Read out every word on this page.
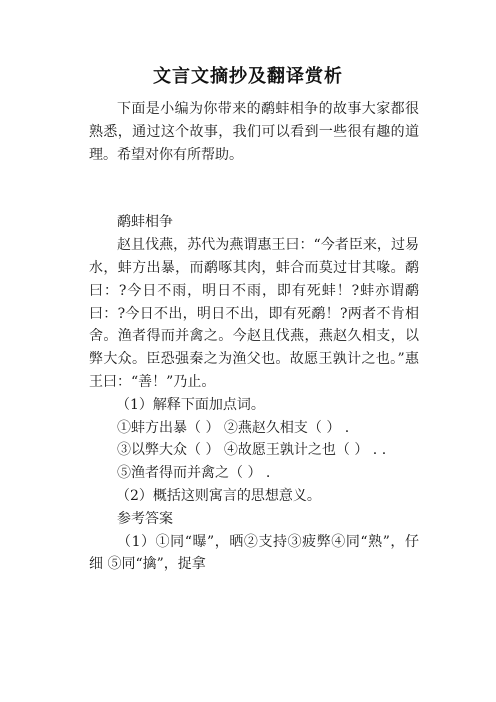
文言文摘抄及翻译赏析

下面是小编为你带来的鹬蚌相争的故事大家都很熟悉，通过这个故事，我们可以看到一些很有趣的道理。希望对你有所帮助。

鹬蚌相争

赵且伐燕，苏代为燕谓惠王曰：“今者臣来，过易水，蚌方出暴，而鹬啄其肉，蚌合而莫过甘其喙。鹬曰：?今日不雨，明日不雨，即有死蚌！?蚌亦谓鹬曰：?今日不出，明日不出，即有死鹬！?两者不肯相舍。渔者得而并禽之。今赵且伐燕，燕赵久相支，以弊大众。臣恐强秦之为渔父也。故愿王孰计之也。”惠王曰：“善！”乃止。

（1）解释下面加点词。

①蚌方出暴（ ） ②燕赵久相支（ ） .

③以弊大众（ ） ④故愿王孰计之也（ ） . .

⑤渔者得而并禽之（ ） .

（2）概括这则寓言的思想意义。

参考答案

（1）①同“曝”，晒②支持③疲弊④同“熟”，仔细 ⑤同“擒”，捉拿
